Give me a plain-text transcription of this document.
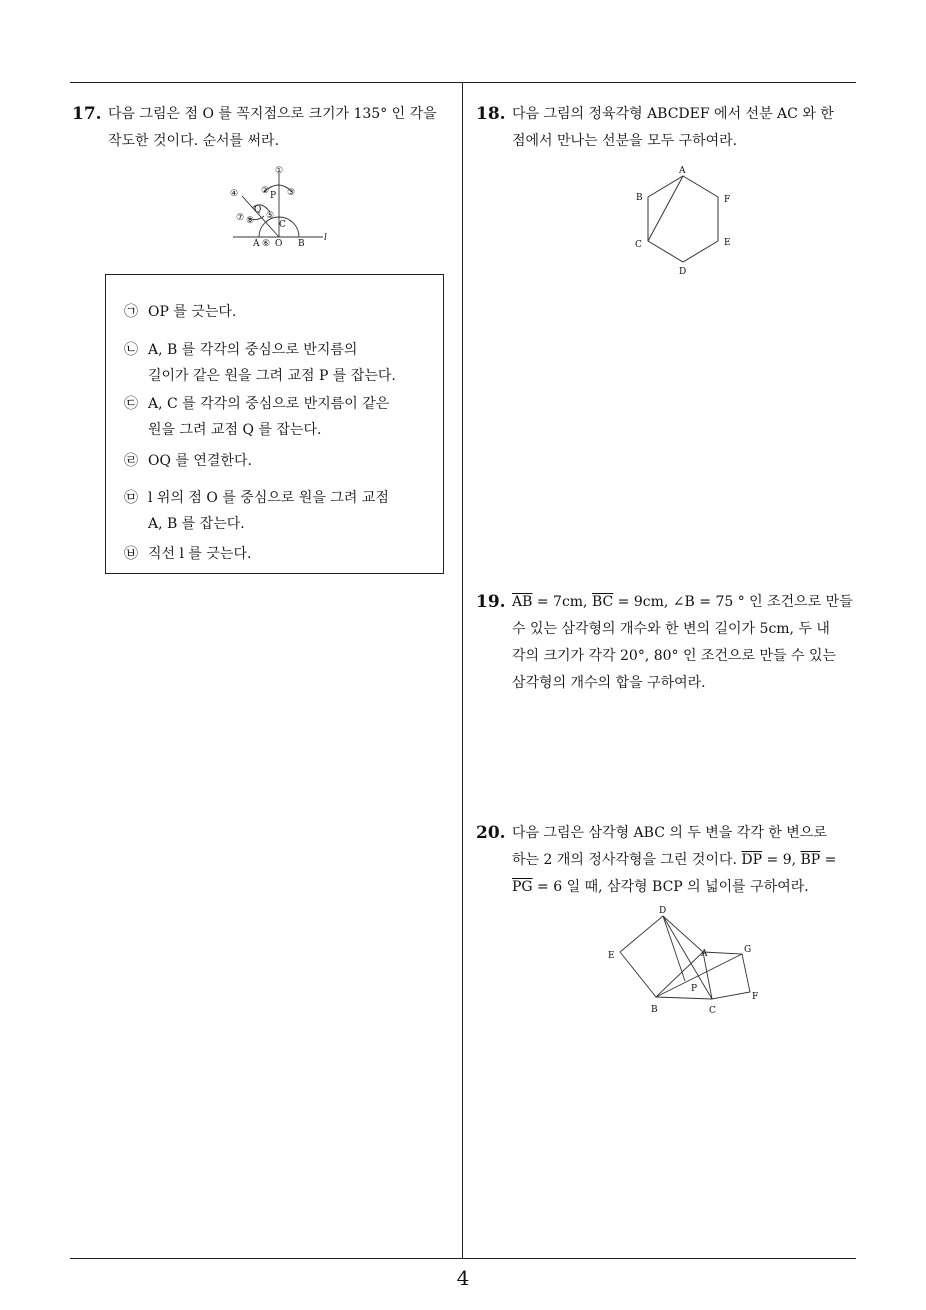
4
17. 다음 그림은 점 O 를 꼭지점으로 크기가 135° 인 각을
작도한 것이다. 순서를 써라.
①
④	② P ③
Q
⑦ ⑧ ⑤
C
A ⑥ O B
l
㉠ OP 를 긋는다.
㉡ A, B 를 각각의 중심으로 반지름의
길이가 같은 원을 그려 교점 P 를 잡는다.
㉢ A, C 를 각각의 중심으로 반지름이 같은
원을 그려 교점 Q 를 잡는다.
㉣ OQ 를 연결한다.
㉤ l 위의 점 O 를 중심으로 원을 그려 교점
A, B 를 잡는다.
㉥ 직선 l 를 긋는다.
18. 다음 그림의 정육각형 ABCDEF 에서 선분 AC 와 한
점에서 만나는 선분을 모두 구하여라.
A
B	F
C	E
D
19. $\overline{AB} = 7cm$, $\overline{BC} = 9cm$, ∠B = 75 ° 인 조건으로 만들
수 있는 삼각형의 개수와 한 변의 길이가 5cm, 두 내
각의 크기가 각각 20°, 80° 인 조건으로 만들 수 있는
삼각형의 개수의 합을 구하여라.
20. 다음 그림은 삼각형 ABC 의 두 변을 각각 한 변으로
하는 2 개의 정사각형을 그린 것이다. $\overline{DP} = 9$, $\overline{BP}$ =
$\overline{PG} = 6$ 일 때, 삼각형 BCP 의 넓이를 구하여라.
D
E	A	G
P
F
B	C
